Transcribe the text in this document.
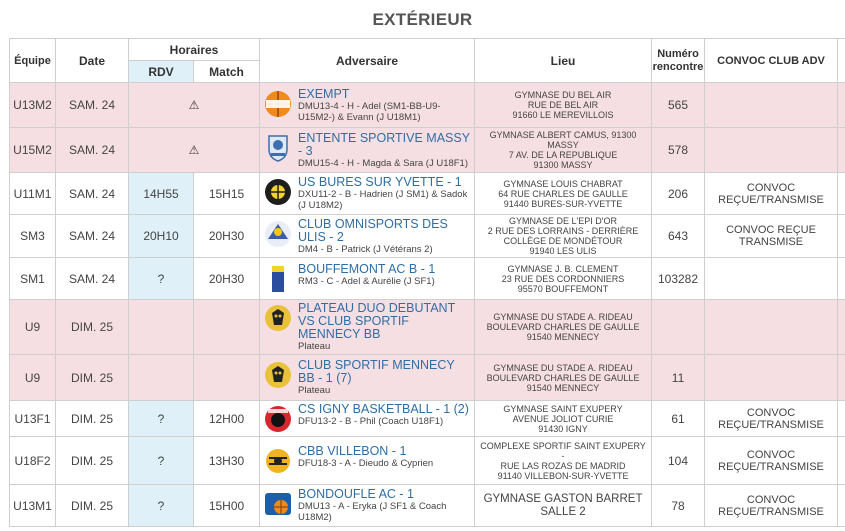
EXTÉRIEUR
Équipe	Date	Horaires		Adversaire	Lieu	Numéro
rencontre	CONVOC CLUB ADV	
		RDV	Match					
U13M2	SAM. 24	⚠		EXEMPT
DMU13-4 - H - Adel (SM1-BB-U9-U15M2-) & Evann (J U18M1)	GYMNASE DU BEL AIR
RUE DE BEL AIR
91660 LE MEREVILLOIS	565		
U15M2	SAM. 24	⚠		ENTENTE SPORTIVE MASSY - 3
DMU15-4 - H - Magda & Sara (J U18F1)	GYMNASE ALBERT CAMUS, 91300 MASSY
7 AV. DE LA REPUBLIQUE
91300 MASSY	578		
U11M1	SAM. 24	14H55	15H15	US BURES SUR YVETTE - 1
DXU11-2 - B - Hadrien (J SM1) & Sadok (J U18M2)	GYMNASE LOUIS CHABRAT
64 RUE CHARLES DE GAULLE
91440 BURES-SUR-YVETTE	206	CONVOC REÇUE/TRANSMISE	
SM3	SAM. 24	20H10	20H30	CLUB OMNISPORTS DES ULIS - 2
DM4 - B - Patrick (J Vétérans 2)	GYMNASE DE L'EPI D'OR
2 RUE DES LORRAINS - DERRIÈRE COLLÈGE DE MONDÉTOUR
91940 LES ULIS	643	CONVOC REÇUE TRANSMISE	
SM1	SAM. 24	?	20H30	BOUFFEMONT AC B - 1
RM3 - C - Adel & Aurélie (J SF1)	GYMNASE J. B. CLEMENT
23 RUE DES CORDONNIERS
95570 BOUFFEMONT	103282		
U9	DIM. 25			PLATEAU DUO DEBUTANT VS CLUB SPORTIF MENNECY BB
Plateau	GYMNASE DU STADE A. RIDEAU
BOULEVARD CHARLES DE GAULLE
91540 MENNECY			
U9	DIM. 25			CLUB SPORTIF MENNECY BB - 1 (7)
Plateau	GYMNASE DU STADE A. RIDEAU
BOULEVARD CHARLES DE GAULLE
91540 MENNECY	11		
U13F1	DIM. 25	?	12H00	CS IGNY BASKETBALL - 1 (2)
DFU13-2 - B - Phil (Coach U18F1)	GYMNASE SAINT EXUPERY
AVENUE JOLIOT CURIE
91430 IGNY	61	CONVOC REÇUE/TRANSMISE	
U18F2	DIM. 25	?	13H30	CBB VILLEBON - 1
DFU18-3 - A - Dieudo & Cyprien	COMPLEXE SPORTIF SAINT EXUPERY
-
RUE LAS ROZAS DE MADRID
91140 VILLEBON-SUR-YVETTE	104	CONVOC REÇUE/TRANSMISE	
U13M1	DIM. 25	?	15H00	BONDOUFLE AC - 1
DMU13 - A - Eryka (J SF1 & Coach U18M2)	GYMNASE GASTON BARRET
SALLE 2	78	CONVOC REÇUE/TRANSMISE	
